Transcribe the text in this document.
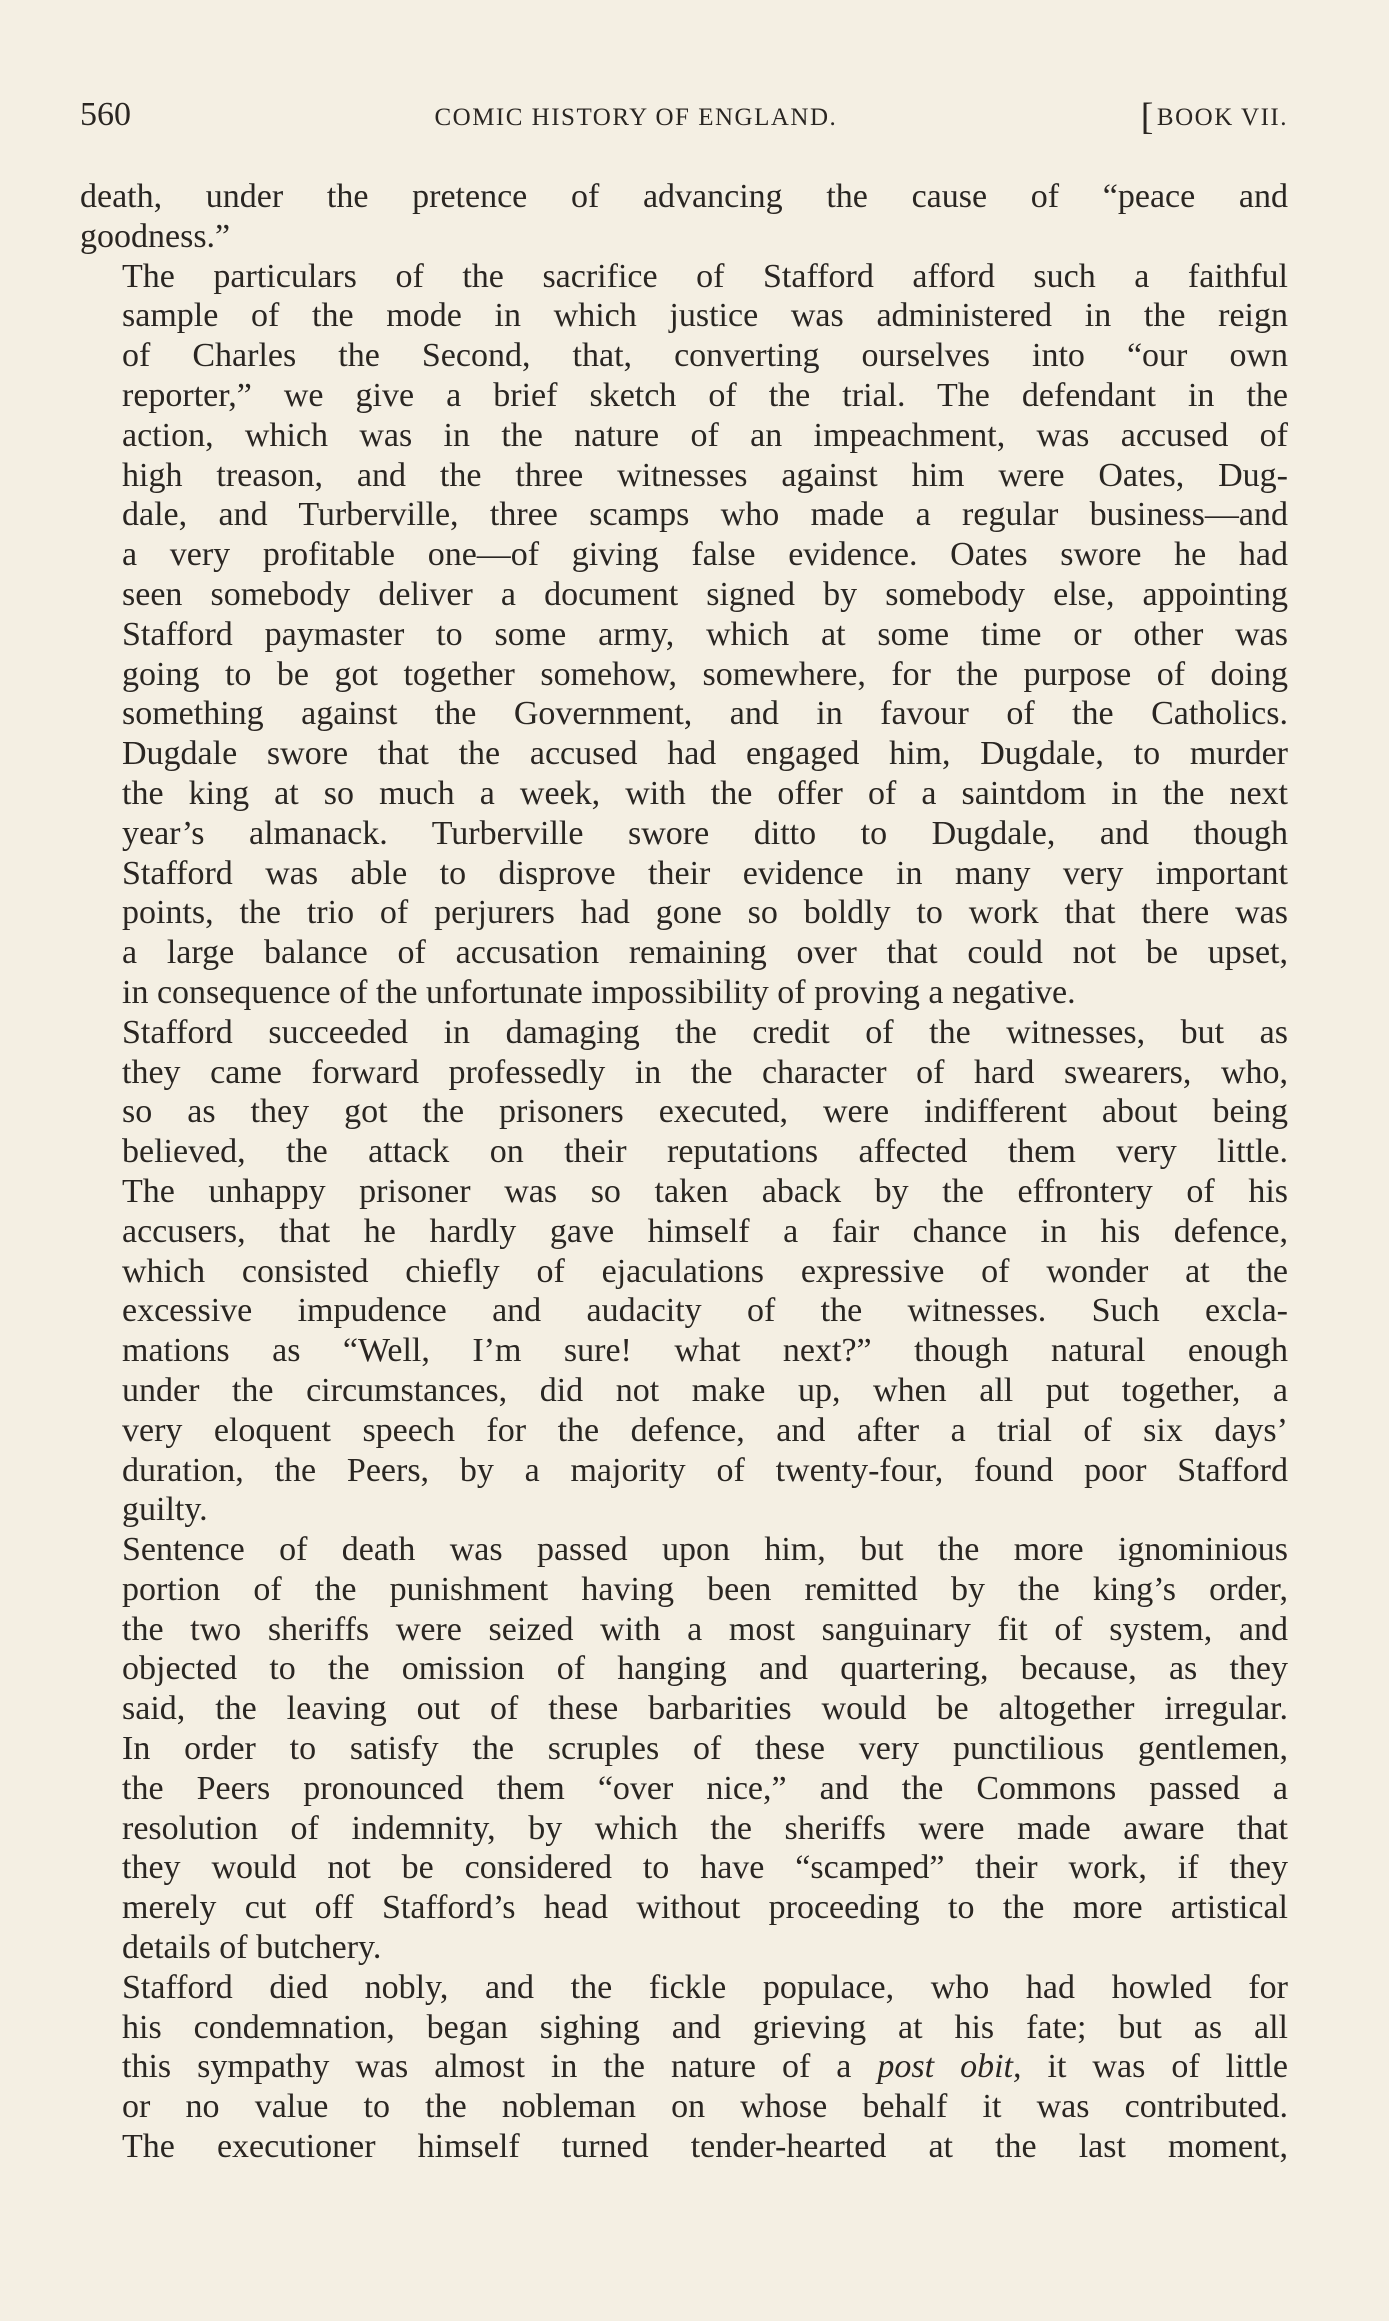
560	COMIC HISTORY OF ENGLAND.	[BOOK VII.

death, under the pretence of advancing the cause of “peace and
goodness.”

The particulars of the sacrifice of Stafford afford such a faithful
sample of the mode in which justice was administered in the reign
of Charles the Second, that, converting ourselves into “our own
reporter,” we give a brief sketch of the trial. The defendant in the
action, which was in the nature of an impeachment, was accused of
high treason, and the three witnesses against him were Oates, Dug-
dale, and Turberville, three scamps who made a regular business—and
a very profitable one—of giving false evidence. Oates swore he had
seen somebody deliver a document signed by somebody else, appointing
Stafford paymaster to some army, which at some time or other was
going to be got together somehow, somewhere, for the purpose of doing
something against the Government, and in favour of the Catholics.
Dugdale swore that the accused had engaged him, Dugdale, to murder
the king at so much a week, with the offer of a saintdom in the next
year’s almanack. Turberville swore ditto to Dugdale, and though
Stafford was able to disprove their evidence in many very important
points, the trio of perjurers had gone so boldly to work that there was
a large balance of accusation remaining over that could not be upset,
in consequence of the unfortunate impossibility of proving a negative.

Stafford succeeded in damaging the credit of the witnesses, but as
they came forward professedly in the character of hard swearers, who,
so as they got the prisoners executed, were indifferent about being
believed, the attack on their reputations affected them very little.
The unhappy prisoner was so taken aback by the effrontery of his
accusers, that he hardly gave himself a fair chance in his defence,
which consisted chiefly of ejaculations expressive of wonder at the
excessive impudence and audacity of the witnesses. Such excla-
mations as “Well, I’m sure! what next?” though natural enough
under the circumstances, did not make up, when all put together, a
very eloquent speech for the defence, and after a trial of six days’
duration, the Peers, by a majority of twenty-four, found poor Stafford
guilty.

Sentence of death was passed upon him, but the more ignominious
portion of the punishment having been remitted by the king’s order,
the two sheriffs were seized with a most sanguinary fit of system, and
objected to the omission of hanging and quartering, because, as they
said, the leaving out of these barbarities would be altogether irregular.
In order to satisfy the scruples of these very punctilious gentlemen,
the Peers pronounced them “over nice,” and the Commons passed a
resolution of indemnity, by which the sheriffs were made aware that
they would not be considered to have “scamped” their work, if they
merely cut off Stafford’s head without proceeding to the more artistical
details of butchery.

Stafford died nobly, and the fickle populace, who had howled for
his condemnation, began sighing and grieving at his fate; but as all
this sympathy was almost in the nature of a post obit, it was of little
or no value to the nobleman on whose behalf it was contributed.
The executioner himself turned tender-hearted at the last moment,
